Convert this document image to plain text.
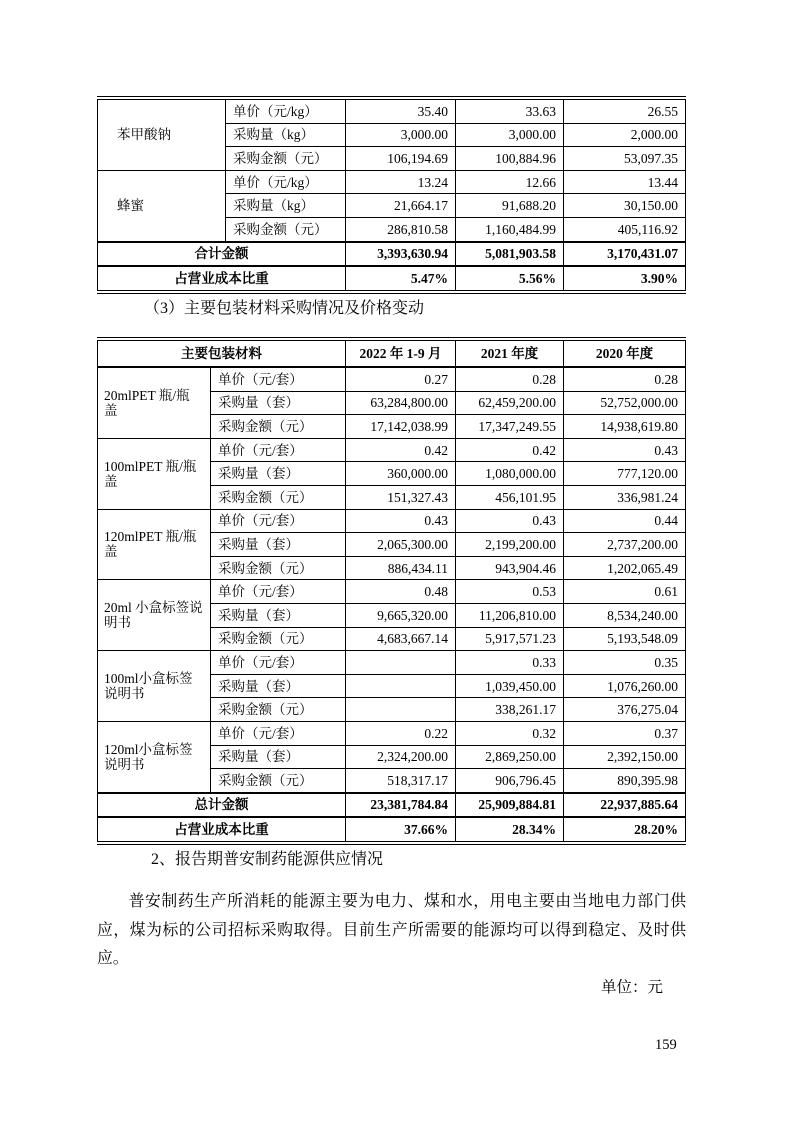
苯甲酸钠	单价（元/kg）	35.40	33.63	26.55
	采购量（kg）	3,000.00	3,000.00	2,000.00
	采购金额（元）	106,194.69	100,884.96	53,097.35
蜂蜜	单价（元/kg）	13.24	12.66	13.44
	采购量（kg）	21,664.17	91,688.20	30,150.00
	采购金额（元）	286,810.58	1,160,484.99	405,116.92
合计金额		3,393,630.94	5,081,903.58	3,170,431.07
占营业成本比重		5.47%	5.56%	3.90%
（3）主要包装材料采购情况及价格变动
主要包装材料		2022 年 1-9 月	2021 年度	2020 年度
20mlPET 瓶/瓶盖	单价（元/套）	0.27	0.28	0.28
	采购量（套）	63,284,800.00	62,459,200.00	52,752,000.00
	采购金额（元）	17,142,038.99	17,347,249.55	14,938,619.80
100mlPET 瓶/瓶盖	单价（元/套）	0.42	0.42	0.43
	采购量（套）	360,000.00	1,080,000.00	777,120.00
	采购金额（元）	151,327.43	456,101.95	336,981.24
120mlPET 瓶/瓶盖	单价（元/套）	0.43	0.43	0.44
	采购量（套）	2,065,300.00	2,199,200.00	2,737,200.00
	采购金额（元）	886,434.11	943,904.46	1,202,065.49
20ml 小盒标签说明书	单价（元/套）	0.48	0.53	0.61
	采购量（套）	9,665,320.00	11,206,810.00	8,534,240.00
	采购金额（元）	4,683,667.14	5,917,571.23	5,193,548.09
100ml小盒标签说明书	单价（元/套）		0.33	0.35
	采购量（套）		1,039,450.00	1,076,260.00
	采购金额（元）		338,261.17	376,275.04
120ml小盒标签说明书	单价（元/套）	0.22	0.32	0.37
	采购量（套）	2,324,200.00	2,869,250.00	2,392,150.00
	采购金额（元）	518,317.17	906,796.45	890,395.98
总计金额		23,381,784.84	25,909,884.81	22,937,885.64
占营业成本比重		37.66%	28.34%	28.20%
2、报告期普安制药能源供应情况

普安制药生产所消耗的能源主要为电力、煤和水，用电主要由当地电力部门供应，煤为标的公司招标采购取得。目前生产所需要的能源均可以得到稳定、及时供应。

单位：元
159
